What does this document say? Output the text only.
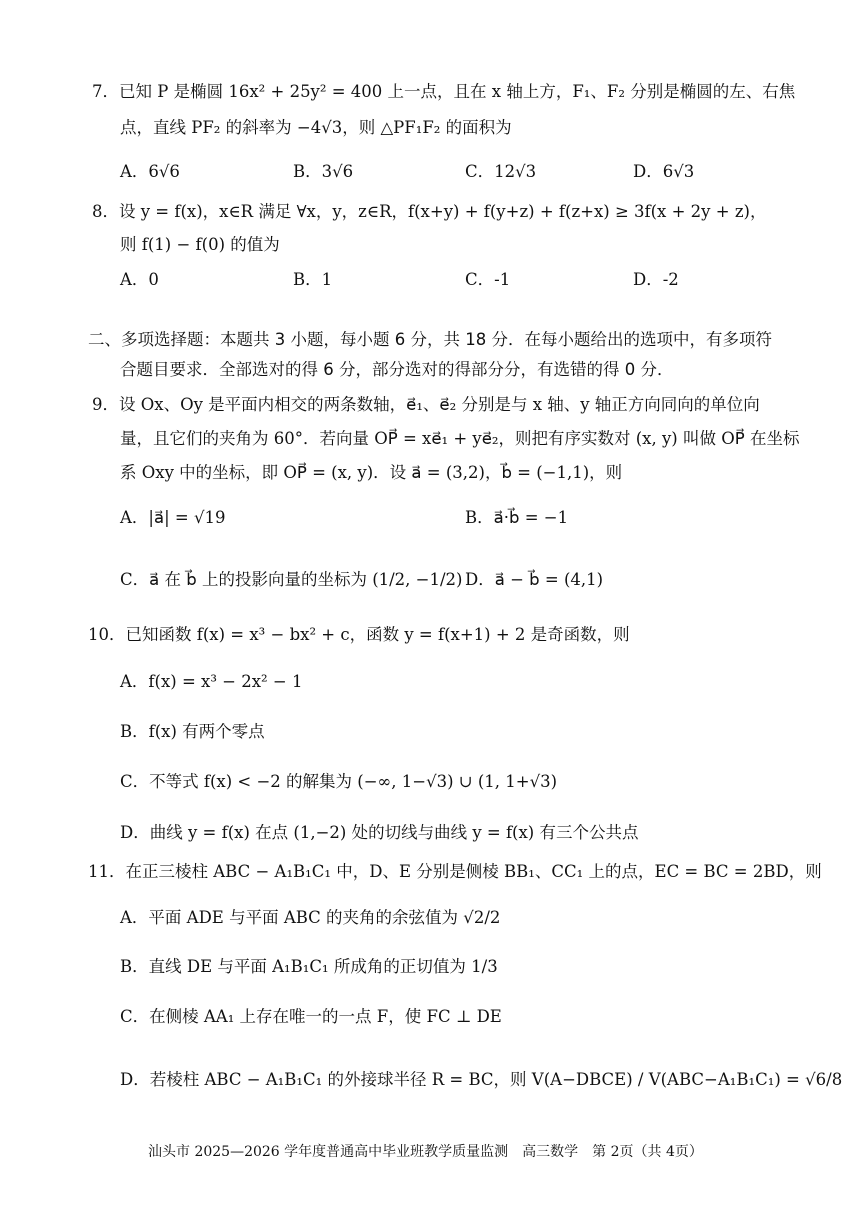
7．已知 P 是椭圆 16x² + 25y² = 400 上一点，且在 x 轴上方，F₁、F₂ 分别是椭圆的左、右焦
点，直线 PF₂ 的斜率为 −4√3，则 △PF₁F₂ 的面积为
A．6√6	B．3√6	C．12√3	D．6√3
8．设 y = f(x)，x∈R 满足 ∀x，y，z∈R，f(x+y) + f(y+z) + f(z+x) ≥ 3f(x + 2y + z)，
则 f(1) − f(0) 的值为
A．0	B．1	C．-1	D．-2
二、多项选择题：本题共 3 小题，每小题 6 分，共 18 分．在每小题给出的选项中，有多项符
合题目要求．全部选对的得 6 分，部分选对的得部分分，有选错的得 0 分．
9．设 Ox、Oy 是平面内相交的两条数轴，e⃗₁、e⃗₂ 分别是与 x 轴、y 轴正方向同向的单位向
量，且它们的夹角为 60°．若向量 OP⃗ = xe⃗₁ + ye⃗₂，则把有序实数对 (x, y) 叫做 OP⃗ 在坐标
系 Oxy 中的坐标，即 OP⃗ = (x, y)．设 a⃗ = (3,2)，b⃗ = (−1,1)，则
A．|a⃗| = √19	B．a⃗·b⃗ = −1
C．a⃗ 在 b⃗ 上的投影向量的坐标为 (1/2, −1/2) D．a⃗ − b⃗ = (4,1)
10．已知函数 f(x) = x³ − bx² + c，函数 y = f(x+1) + 2 是奇函数，则
A．f(x) = x³ − 2x² − 1
B．f(x) 有两个零点
C．不等式 f(x) < −2 的解集为 (−∞, 1−√3) ∪ (1, 1+√3)
D．曲线 y = f(x) 在点 (1,−2) 处的切线与曲线 y = f(x) 有三个公共点
11．在正三棱柱 ABC − A₁B₁C₁ 中，D、E 分别是侧棱 BB₁、CC₁ 上的点，EC = BC = 2BD，则
A．平面 ADE 与平面 ABC 的夹角的余弦值为 √2/2
B．直线 DE 与平面 A₁B₁C₁ 所成角的正切值为 1/3
C．在侧棱 AA₁ 上存在唯一的一点 F，使 FC ⊥ DE
D．若棱柱 ABC − A₁B₁C₁ 的外接球半径 R = BC，则 V(A−DBCE) / V(ABC−A₁B₁C₁) = √6/8
汕头市 2025—2026 学年度普通高中毕业班教学质量监测　高三数学　第 2页（共 4页）
